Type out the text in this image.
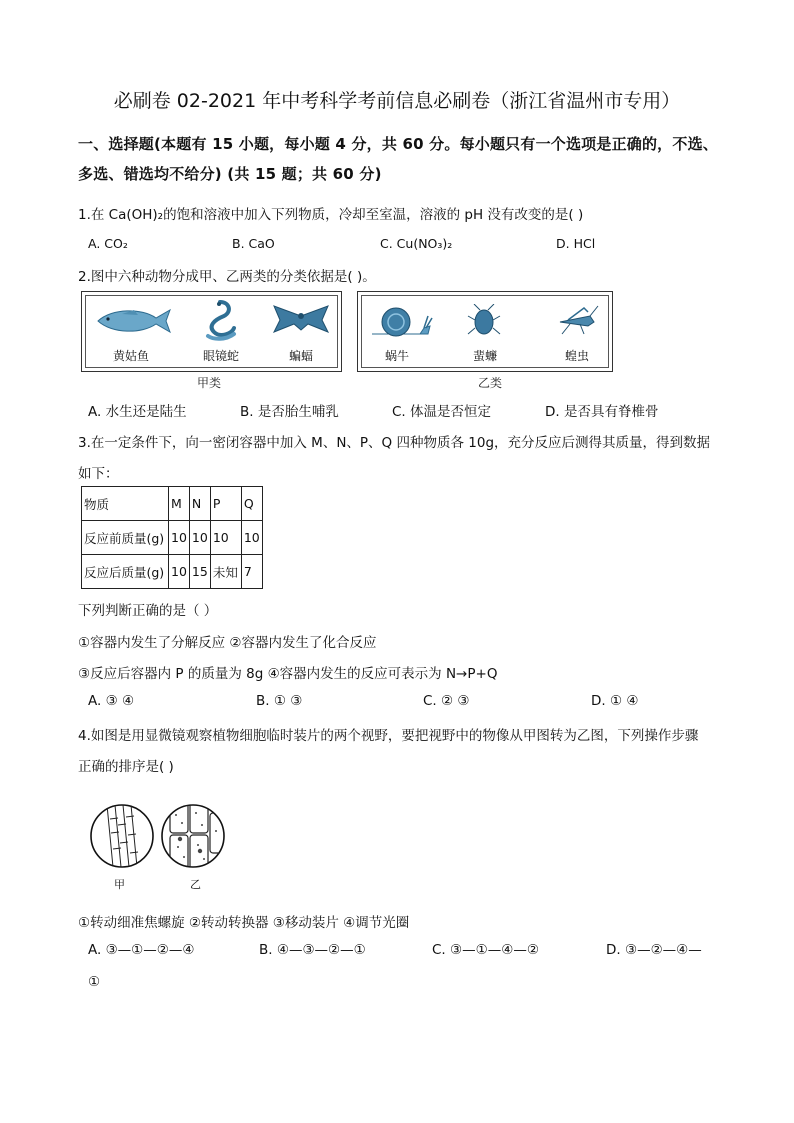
必刷卷 02-2021 年中考科学考前信息必刷卷（浙江省温州市专用）
一、选择题(本题有 15 小题，每小题 4 分，共 60 分。每小题只有一个选项是正确的，不选、
多选、错选均不给分) (共 15 题；共 60 分)
1.在 Ca(OH)₂的饱和溶液中加入下列物质，冷却至室温，溶液的 pH 没有改变的是( )
A. CO₂	B. CaO	C. Cu(NO₃)₂	D. HCl
2.图中六种动物分成甲、乙两类的分类依据是( )。
黄姑鱼	眼镜蛇	蝙蝠
甲类
蜗牛	蜚蠊	蝗虫
乙类
A. 水生还是陆生	B. 是否胎生哺乳	C. 体温是否恒定	D. 是否具有脊椎骨
3.在一定条件下，向一密闭容器中加入 M、N、P、Q 四种物质各 10g，充分反应后测得其质量，得到数据
如下：
物质	M	N	P	Q
反应前质量(g)	10	10	10	10
反应后质量(g)	10	15	未知	7
下列判断正确的是（ ）
①容器内发生了分解反应 ②容器内发生了化合反应
③反应后容器内 P 的质量为 8g ④容器内发生的反应可表示为 N→P+Q
A. ③ ④	B. ① ③	C. ② ③	D. ① ④
4.如图是用显微镜观察植物细胞临时装片的两个视野，要把视野中的物像从甲图转为乙图，下列操作步骤
正确的排序是( )
甲	乙
①转动细准焦螺旋 ②转动转换器 ③移动装片 ④调节光圈
A. ③—①—②—④	B. ④—③—②—①	C. ③—①—④—②	D. ③—②—④—
①
